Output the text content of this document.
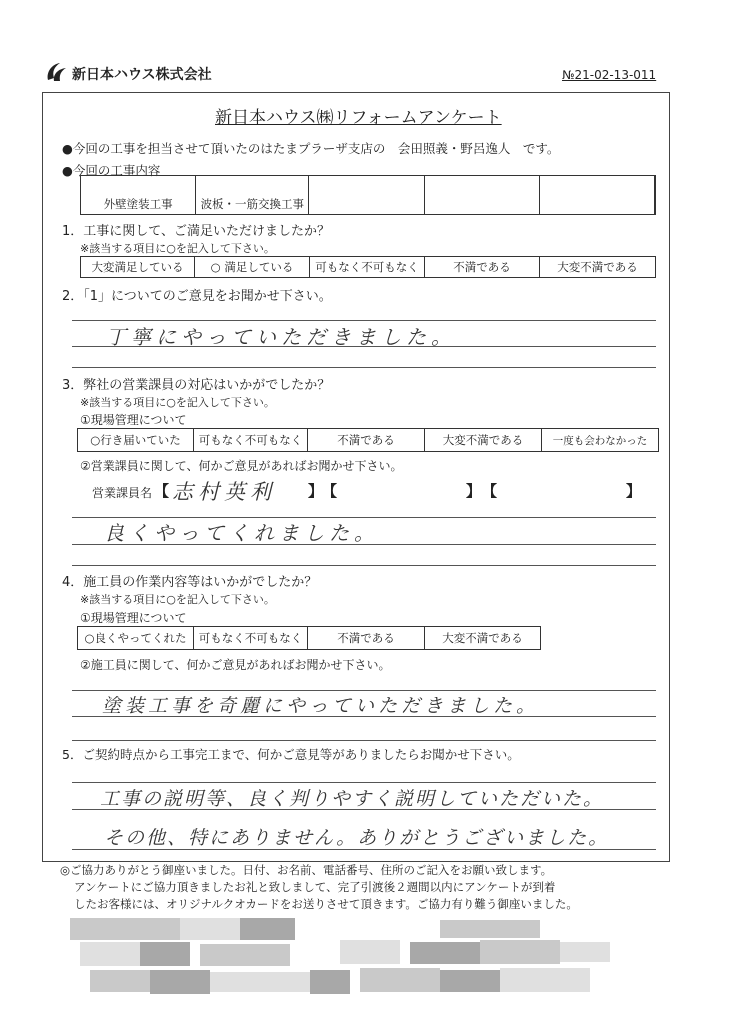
新日本ハウス株式会社	№21-02-13-011
新日本ハウス㈱リフォームアンケート
●今回の工事を担当させて頂いたのはたまプラーザ支店の　会田照義・野呂逸人　です。
●今回の工事内容
外壁塗装工事	波板・一筋交換工事
1．工事に関して、ご満足いただけましたか？
※該当する項目に○を記入して下さい。
大変満足している	○ 満足している	可もなく不可もなく	不満である	大変不満である
2．「1」についてのご意見をお聞かせ下さい。
丁寧にやっていただきました。
3．弊社の営業課員の対応はいかがでしたか？
※該当する項目に○を記入して下さい。
①現場管理について
○行き届いていた	可もなく不可もなく	不満である	大変不満である	一度も会わなかった
②営業課員に関して、何かご意見があればお聞かせ下さい。
営業課員名 【 志村英利 】
【	】 【	】
良くやってくれました。
4．施工員の作業内容等はいかがでしたか？
※該当する項目に○を記入して下さい。
①現場管理について
○良くやってくれた	可もなく不可もなく	不満である	大変不満である
②施工員に関して、何かご意見があればお聞かせ下さい。
塗装工事を奇麗にやっていただきました。
5．ご契約時点から工事完工まで、何かご意見等がありましたらお聞かせ下さい。
工事の説明等、良く判りやすく説明していただいた。
その他、特にありません。ありがとうございました。
◎ご協力ありがとう御座いました。日付、お名前、電話番号、住所のご記入をお願い致します。
アンケートにご協力頂きましたお礼と致しまして、完了引渡後２週間以内にアンケートが到着
したお客様には、オリジナルクオカードをお送りさせて頂きます。ご協力有り難う御座いました。
